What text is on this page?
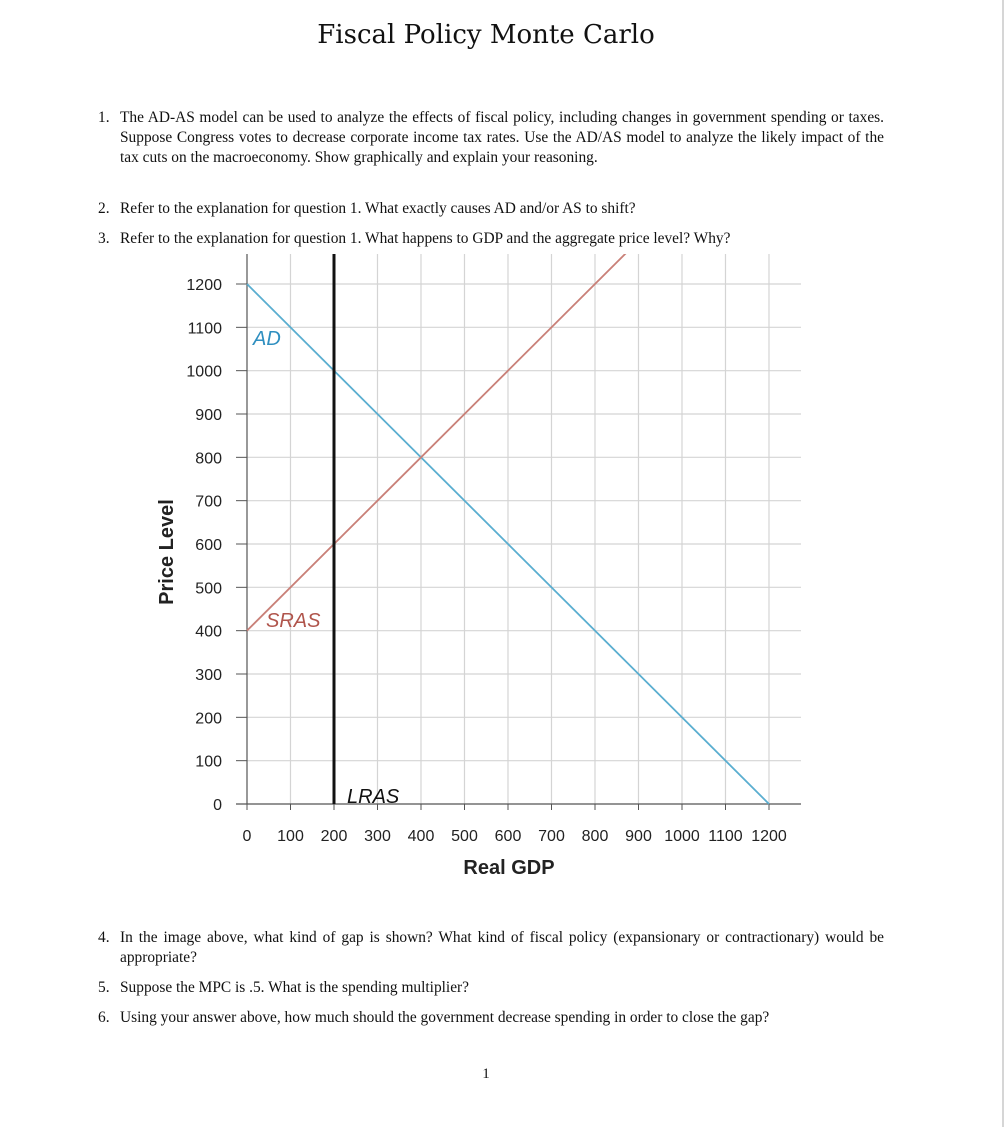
Fiscal Policy Monte Carlo
1. The AD-AS model can be used to analyze the effects of fiscal policy, including changes in government spending or taxes. Suppose Congress votes to decrease corporate income tax rates. Use the AD/AS model to analyze the likely impact of the tax cuts on the macroeconomy. Show graphically and explain your reasoning.
2. Refer to the explanation for question 1. What exactly causes AD and/or AS to shift?
3. Refer to the explanation for question 1. What happens to GDP and the aggregate price level? Why?
0 100 200 300 400 500 600 700 800 900 1000 1100 1200
0
100
200
300
400
500
600
700
800
900
1000
1100
1200
AD
SRAS
LRAS
Real GDP
Price Level
4. In the image above, what kind of gap is shown? What kind of fiscal policy (expansionary or contractionary) would be appropriate?
5. Suppose the MPC is .5. What is the spending multiplier?
6. Using your answer above, how much should the government decrease spending in order to close the gap?
1
